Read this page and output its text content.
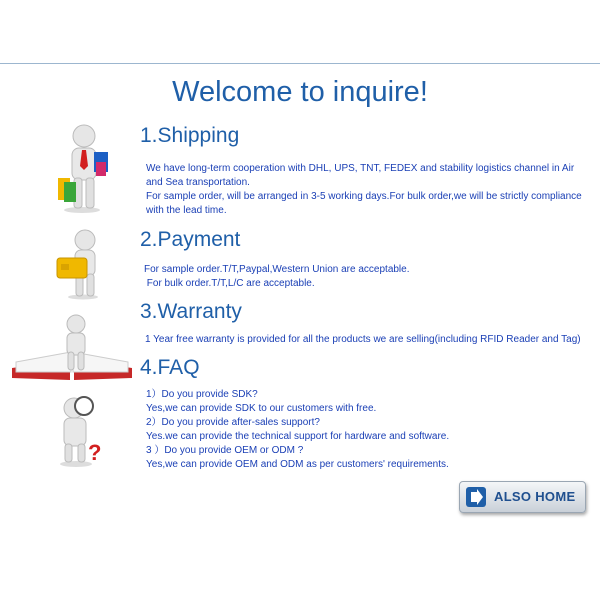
Welcome to inquire!
?
1.Shipping
2.Payment
3.Warranty
4.FAQ
We have long-term cooperation with DHL, UPS, TNT, FEDEX and stability logistics channel in Air
and Sea transportation.
For sample order, will be arranged in 3-5 working days.For bulk order,we will be strictly compliance
with the lead time.
For sample order.T/T,Paypal,Western Union are acceptable.
For bulk order.T/T,L/C are acceptable.
1 Year free warranty is provided for all the products we are selling(including RFID Reader and Tag)
1）Do you provide SDK?
Yes,we can provide SDK to our customers with free.
2）Do you provide after-sales support?
Yes.we can provide the technical support for hardware and software.
3 ）Do you provide OEM or ODM ?
Yes,we can provide OEM and ODM as per customers' requirements.
ALSO HOME
